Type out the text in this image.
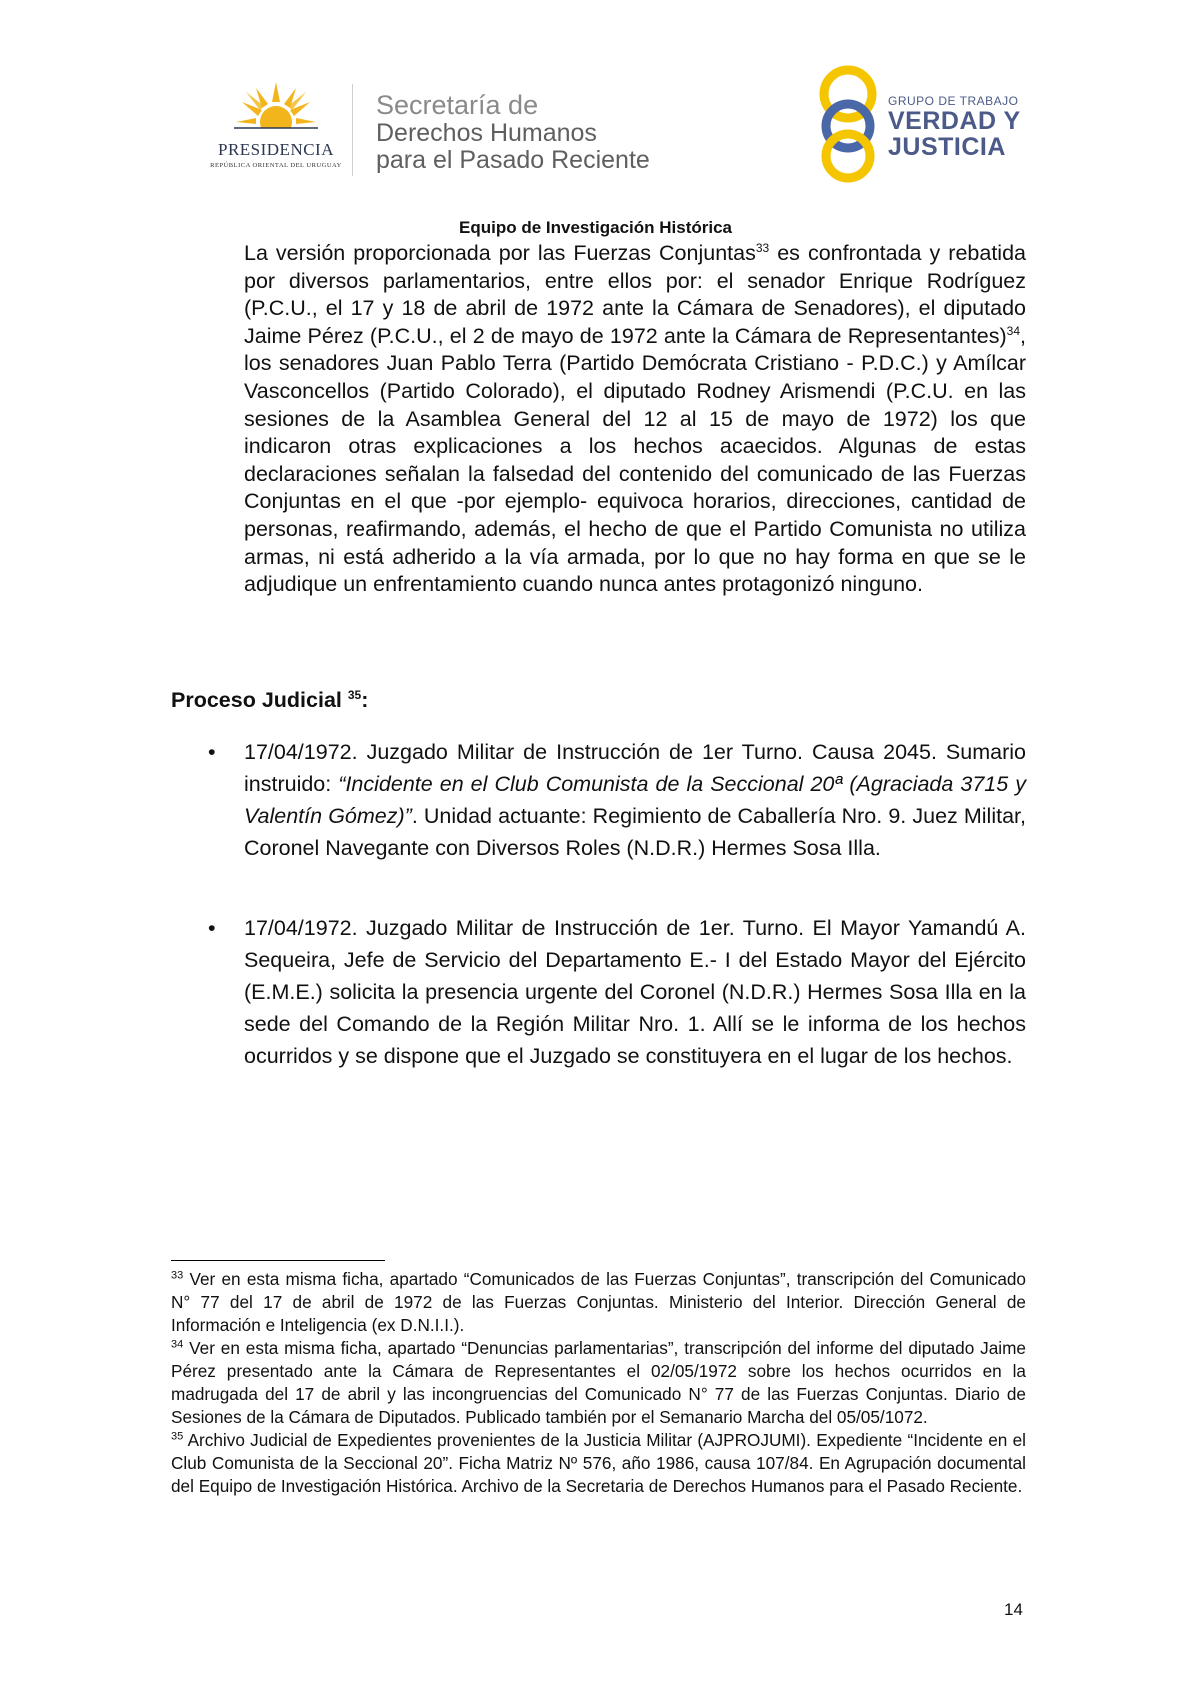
PRESIDENCIA
REPÚBLICA ORIENTAL DEL URUGUAY
Secretaría de
Derechos Humanos
para el Pasado Reciente
GRUPO DE TRABAJO
VERDAD Y
JUSTICIA
Equipo de Investigación Histórica
La versión proporcionada por las Fuerzas Conjuntas$^{33}$ es confrontada y rebatida por diversos parlamentarios, entre ellos por: el senador Enrique Rodríguez (P.C.U., el 17 y 18 de abril de 1972 ante la Cámara de Senadores), el diputado Jaime Pérez (P.C.U., el 2 de mayo de 1972 ante la Cámara de Representantes)$^{34}$, los senadores Juan Pablo Terra (Partido Demócrata Cristiano - P.D.C.) y Amílcar Vasconcellos (Partido Colorado), el diputado Rodney Arismendi (P.C.U. en las sesiones de la Asamblea General del 12 al 15 de mayo de 1972) los que indicaron otras explicaciones a los hechos acaecidos. Algunas de estas declaraciones señalan la falsedad del contenido del comunicado de las Fuerzas Conjuntas en el que -por ejemplo- equivoca horarios, direcciones, cantidad de personas, reafirmando, además, el hecho de que el Partido Comunista no utiliza armas, ni está adherido a la vía armada, por lo que no hay forma en que se le adjudique un enfrentamiento cuando nunca antes protagonizó ninguno.
Proceso Judicial $^{35}$:
• 17/04/1972. Juzgado Militar de Instrucción de 1er Turno. Causa 2045. Sumario instruido: “Incidente en el Club Comunista de la Seccional 20ª (Agraciada 3715 y Valentín Gómez)”. Unidad actuante: Regimiento de Caballería Nro. 9. Juez Militar, Coronel Navegante con Diversos Roles (N.D.R.) Hermes Sosa Illa.
• 17/04/1972. Juzgado Militar de Instrucción de 1er. Turno. El Mayor Yamandú A. Sequeira, Jefe de Servicio del Departamento E.- I del Estado Mayor del Ejército (E.M.E.) solicita la presencia urgente del Coronel (N.D.R.) Hermes Sosa Illa en la sede del Comando de la Región Militar Nro. 1. Allí se le informa de los hechos ocurridos y se dispone que el Juzgado se constituyera en el lugar de los hechos.

$^{33}$ Ver en esta misma ficha, apartado “Comunicados de las Fuerzas Conjuntas”, transcripción del Comunicado N° 77 del 17 de abril de 1972 de las Fuerzas Conjuntas. Ministerio del Interior. Dirección General de Información e Inteligencia (ex D.N.I.I.).

$^{34}$ Ver en esta misma ficha, apartado “Denuncias parlamentarias”, transcripción del informe del diputado Jaime Pérez presentado ante la Cámara de Representantes el 02/05/1972 sobre los hechos ocurridos en la madrugada del 17 de abril y las incongruencias del Comunicado N° 77 de las Fuerzas Conjuntas. Diario de Sesiones de la Cámara de Diputados. Publicado también por el Semanario Marcha del 05/05/1072.

$^{35}$ Archivo Judicial de Expedientes provenientes de la Justicia Militar (AJPROJUMI). Expediente “Incidente en el Club Comunista de la Seccional 20”. Ficha Matriz Nº 576, año 1986, causa 107/84. En Agrupación documental del Equipo de Investigación Histórica. Archivo de la Secretaria de Derechos Humanos para el Pasado Reciente.

14
